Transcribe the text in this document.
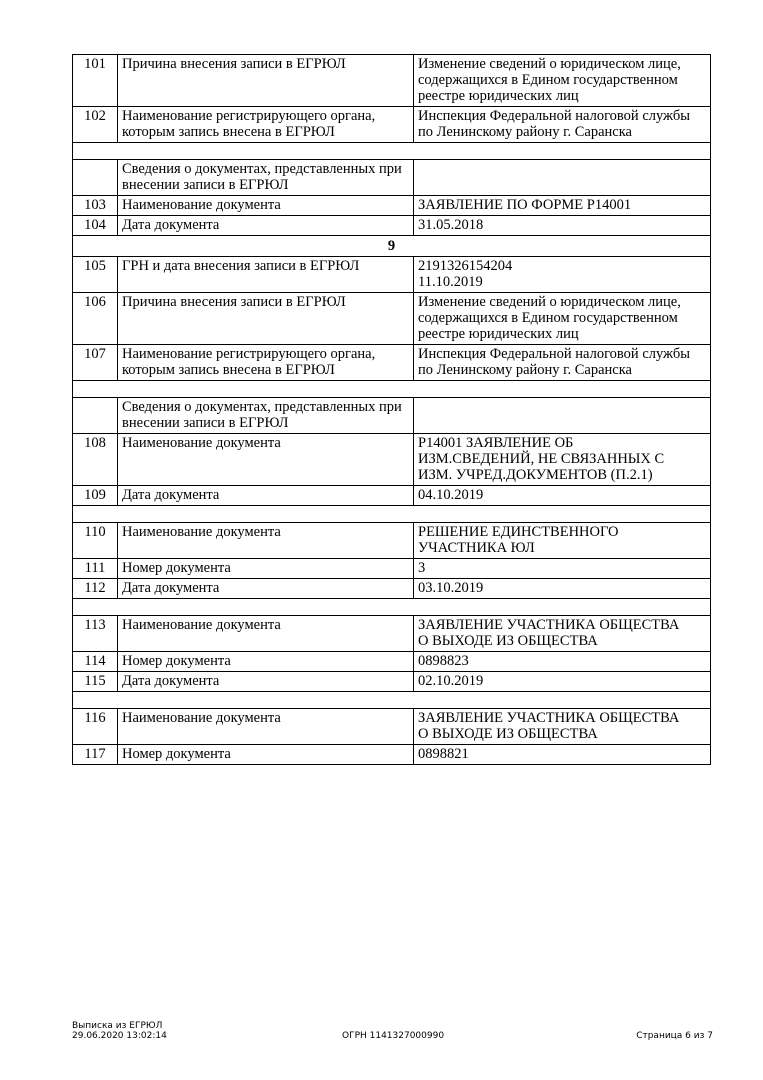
101	Причина внесения записи в ЕГРЮЛ	Изменение сведений о юридическом лице, содержащихся в Едином государственном реестре юридических лиц
102	Наименование регистрирующего органа, которым запись внесена в ЕГРЮЛ	Инспекция Федеральной налоговой службы по Ленинскому району г. Саранска

	Сведения о документах, представленных при внесении записи в ЕГРЮЛ	
103	Наименование документа	ЗАЯВЛЕНИЕ ПО ФОРМЕ Р14001
104	Дата документа	31.05.2018
9		
105	ГРН и дата внесения записи в ЕГРЮЛ	2191326154204
11.10.2019
106	Причина внесения записи в ЕГРЮЛ	Изменение сведений о юридическом лице, содержащихся в Едином государственном реестре юридических лиц
107	Наименование регистрирующего органа, которым запись внесена в ЕГРЮЛ	Инспекция Федеральной налоговой службы по Ленинскому району г. Саранска

	Сведения о документах, представленных при внесении записи в ЕГРЮЛ	
108	Наименование документа	Р14001 ЗАЯВЛЕНИЕ ОБ
ИЗМ.СВЕДЕНИЙ, НЕ СВЯЗАННЫХ С
ИЗМ. УЧРЕД.ДОКУМЕНТОВ (П.2.1)
109	Дата документа	04.10.2019

110	Наименование документа	РЕШЕНИЕ ЕДИНСТВЕННОГО
УЧАСТНИКА ЮЛ
111	Номер документа	3
112	Дата документа	03.10.2019

113	Наименование документа	ЗАЯВЛЕНИЕ УЧАСТНИКА ОБЩЕСТВА
О ВЫХОДЕ ИЗ ОБЩЕСТВА
114	Номер документа	0898823
115	Дата документа	02.10.2019

116	Наименование документа	ЗАЯВЛЕНИЕ УЧАСТНИКА ОБЩЕСТВА
О ВЫХОДЕ ИЗ ОБЩЕСТВА
117	Номер документа	0898821
Выписка из ЕГРЮЛ
29.06.2020 13:02:14	ОГРН 1141327000990	Страница 6 из 7
